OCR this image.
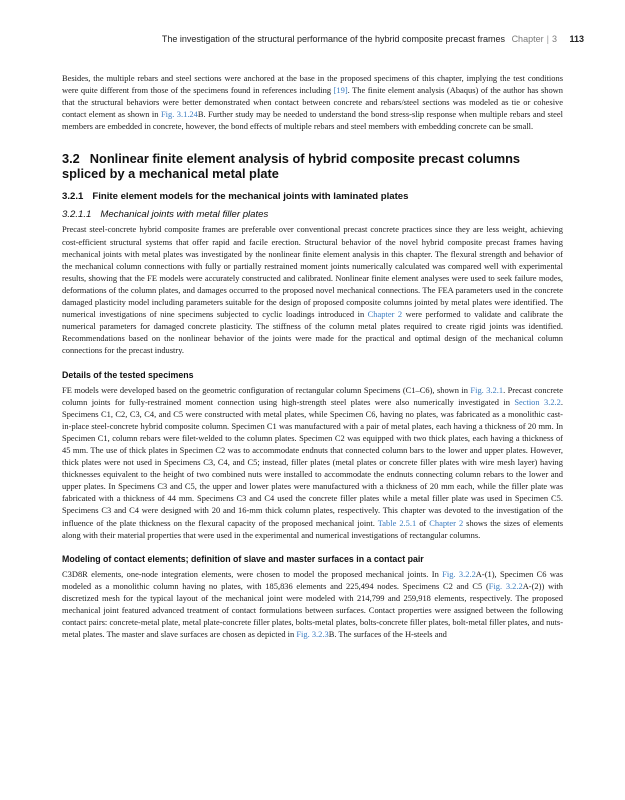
The investigation of the structural performance of the hybrid composite precast frames Chapter | 3 113

Besides, the multiple rebars and steel sections were anchored at the base in the proposed specimens of this chapter, implying the test conditions were quite different from those of the specimens found in references including [19]. The finite element analysis (Abaqus) of the author has shown that the structural behaviors were better demonstrated when contact between concrete and rebars/steel sections was modeled as tie or cohesive contact element as shown in Fig. 3.1.24B. Further study may be needed to understand the bond stress-slip response when multiple rebars and steel members are embedded in concrete, however, the bond effects of multiple rebars and steel members with embedding concrete can be small.

3.2 Nonlinear finite element analysis of hybrid composite precast columns spliced by a mechanical metal plate
3.2.1 Finite element models for the mechanical joints with laminated plates
3.2.1.1 Mechanical joints with metal filler plates

Precast steel-concrete hybrid composite frames are preferable over conventional precast concrete practices since they are less weight, achieving cost-efficient structural systems that offer rapid and facile erection. Structural behavior of the novel hybrid composite precast frames having mechanical joints with metal plates was investigated by the nonlinear finite element analysis in this chapter. The flexural strength and behavior of the mechanical column connections with fully or partially restrained moment joints numerically calculated was compared well with experimental results, showing that the FE models were accurately constructed and calibrated. Nonlinear finite element analyses were used to seek failure modes, deformations of the column plates, and damages occurred to the proposed novel mechanical connections. The FEA parameters used in the concrete damaged plasticity model including parameters suitable for the design of proposed composite columns jointed by metal plates were identified. The numerical investigations of nine specimens subjected to cyclic loadings introduced in Chapter 2 were performed to validate and calibrate the numerical parameters for damaged concrete plasticity. The stiffness of the column metal plates required to create rigid joints was identified. Recommendations based on the nonlinear behavior of the joints were made for the practical and optimal design of the mechanical column connections for the precast industry.

Details of the tested specimens

FE models were developed based on the geometric configuration of rectangular column Specimens (C1–C6), shown in Fig. 3.2.1. Precast concrete column joints for fully-restrained moment connection using high-strength steel plates were also numerically investigated in Section 3.2.2. Specimens C1, C2, C3, C4, and C5 were constructed with metal plates, while Specimen C6, having no plates, was fabricated as a monolithic cast-in-place steel-concrete hybrid composite column. Specimen C1 was manufactured with a pair of metal plates, each having a thickness of 20 mm. In Specimen C1, column rebars were filet-welded to the column plates. Specimen C2 was equipped with two thick plates, each having a thickness of 45 mm. The use of thick plates in Specimen C2 was to accommodate endnuts that connected column bars to the lower and upper plates. However, thick plates were not used in Specimens C3, C4, and C5; instead, filler plates (metal plates or concrete filler plates with wire mesh layer) having thicknesses equivalent to the height of two combined nuts were installed to accommodate the endnuts connecting column rebars to the lower and upper plates. In Specimens C3 and C5, the upper and lower plates were manufactured with a thickness of 20 mm each, while the filler plate was fabricated with a thickness of 44 mm. Specimens C3 and C4 used the concrete filler plates while a metal filler plate was used in Specimen C5. Specimens C3 and C4 were designed with 20 and 16-mm thick column plates, respectively. This chapter was devoted to the investigation of the influence of the plate thickness on the flexural capacity of the proposed mechanical joint. Table 2.5.1 of Chapter 2 shows the sizes of elements along with their material properties that were used in the experimental and numerical investigations of rectangular columns.

Modeling of contact elements; definition of slave and master surfaces in a contact pair

C3D8R elements, one-node integration elements, were chosen to model the proposed mechanical joints. In Fig. 3.2.2A-(1), Specimen C6 was modeled as a monolithic column having no plates, with 185,836 elements and 225,494 nodes. Specimens C2 and C5 (Fig. 3.2.2A-(2)) with discretized mesh for the typical layout of the mechanical joint were modeled with 214,799 and 259,918 elements, respectively. The proposed mechanical joint featured advanced treatment of contact formulations between surfaces. Contact properties were assigned between the following contact pairs: concrete-metal plate, metal plate-concrete filler plates, bolts-metal plates, bolts-concrete filler plates, bolt-metal filler plates, and nuts-metal plates. The master and slave surfaces are chosen as depicted in Fig. 3.2.3B. The surfaces of the H-steels and
